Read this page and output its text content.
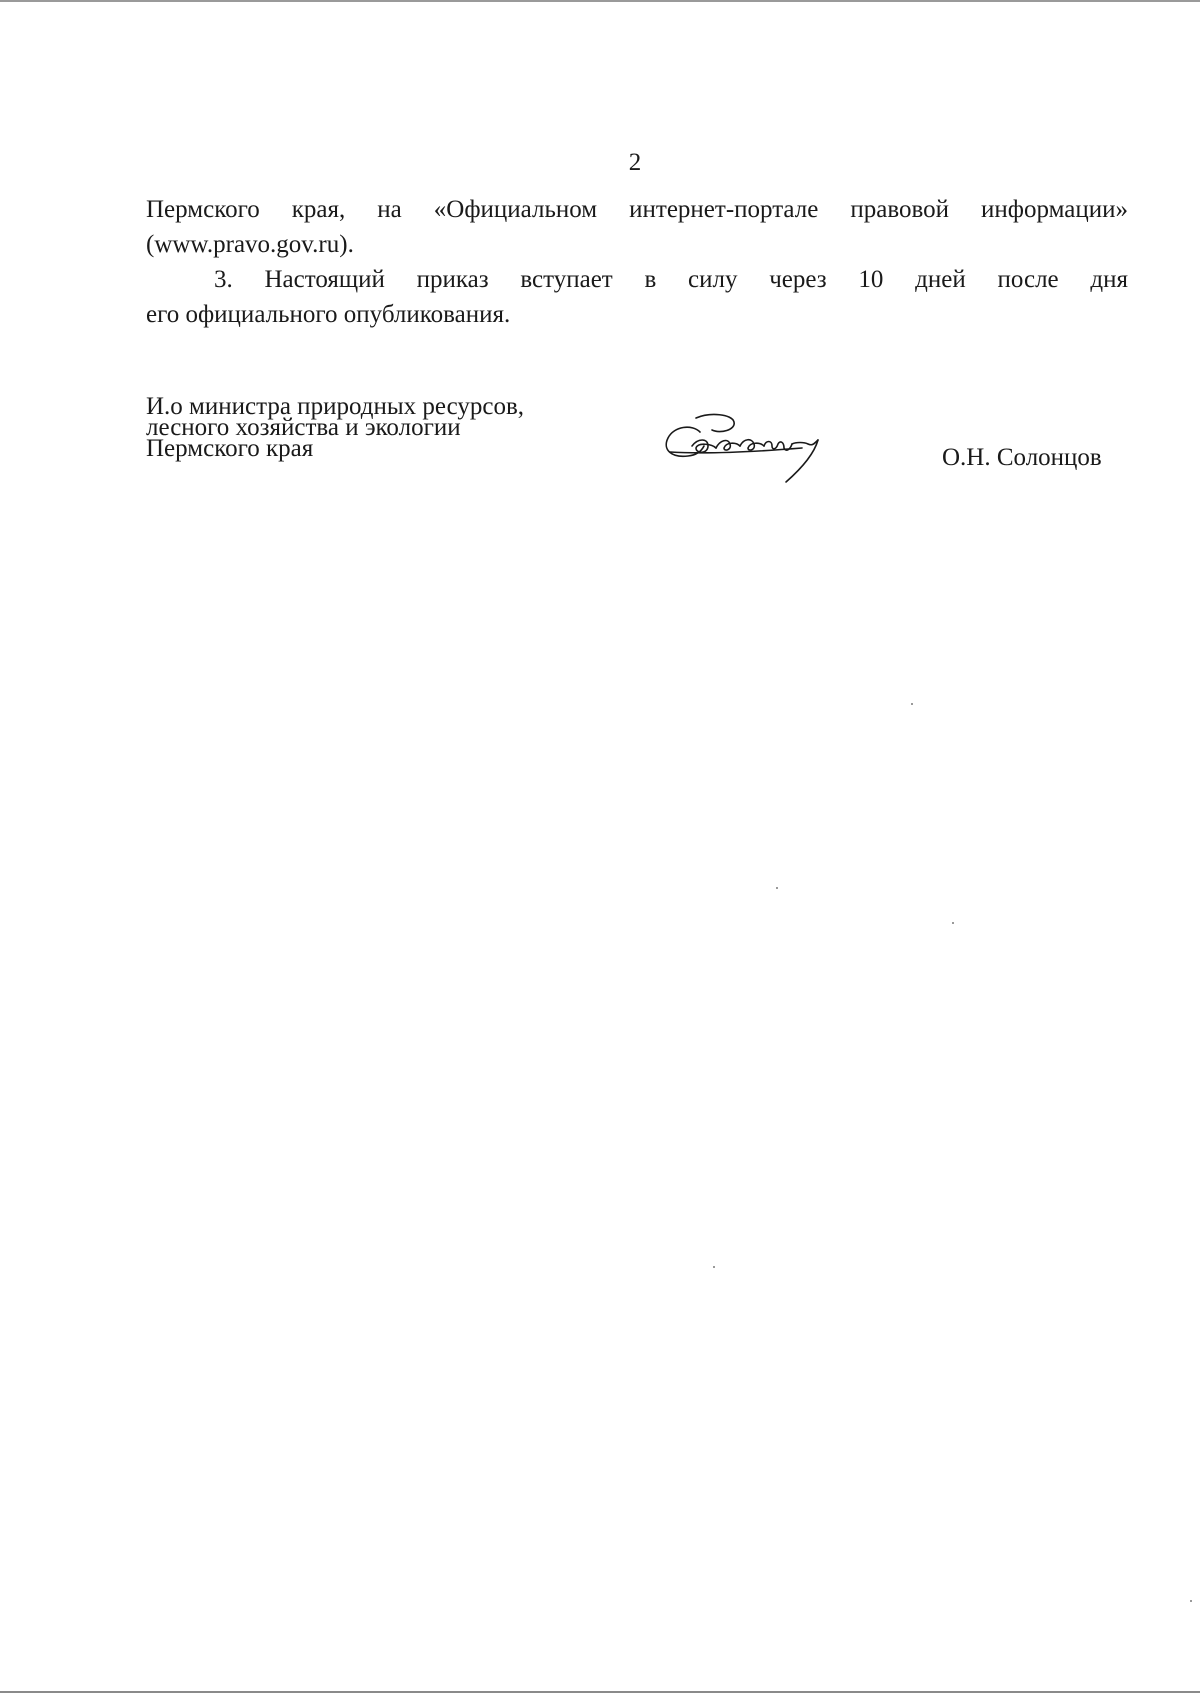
2
Пермского края, на «Официальном интернет-портале правовой информации»
(www.pravo.gov.ru).
3. Настоящий приказ вступает в силу через 10 дней после дня
его официального опубликования.
И.о министра природных ресурсов,
лесного хозяйства и экологии
Пермского края	О.Н. Солонцов
